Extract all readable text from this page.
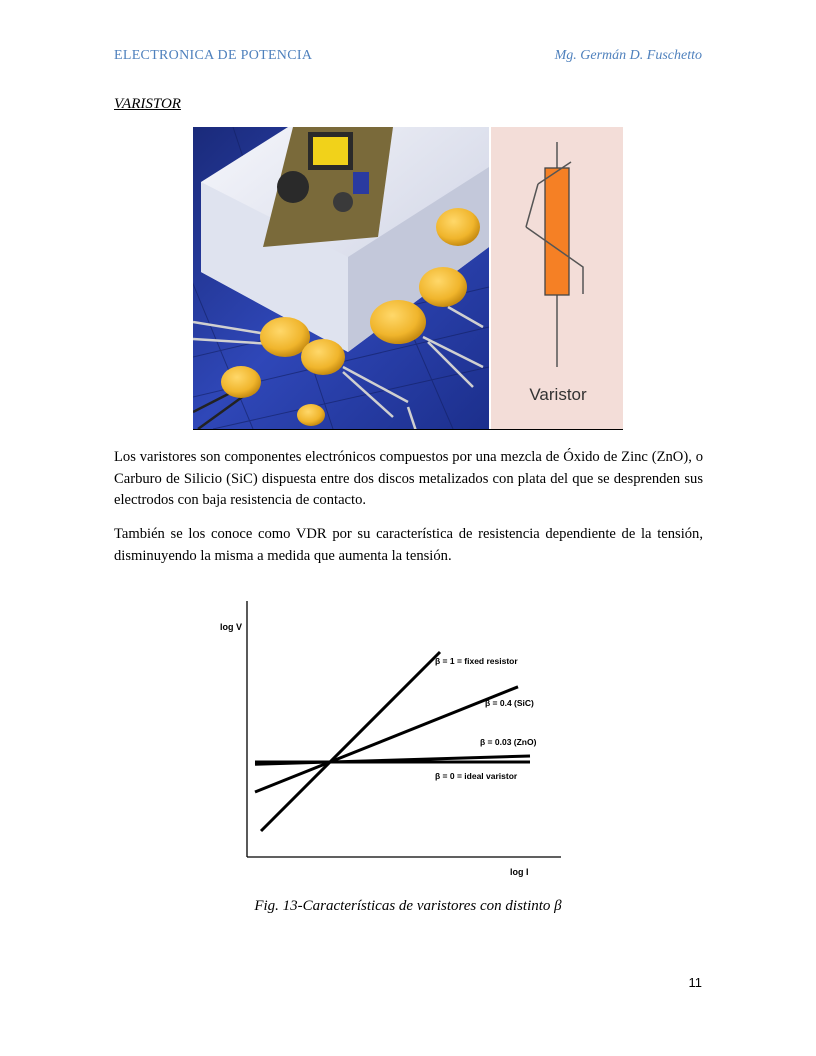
ELECTRONICA DE POTENCIA	Mg. Germán D. Fuschetto
VARISTOR
Varistor
Los varistores son componentes electrónicos compuestos por una mezcla de Óxido de Zinc (ZnO), o Carburo de Silicio (SiC) dispuesta entre dos discos metalizados con plata del que se desprenden sus electrodos con baja resistencia de contacto.
También se los conoce como VDR por su característica de resistencia dependiente de la tensión, disminuyendo la misma a medida que aumenta la tensión.
log V
log I
β = 1 = fixed resistor
β = 0.4 (SiC)
β = 0.03 (ZnO)
β = 0 = ideal varistor
Fig. 13-Características de varistores con distinto β
11
